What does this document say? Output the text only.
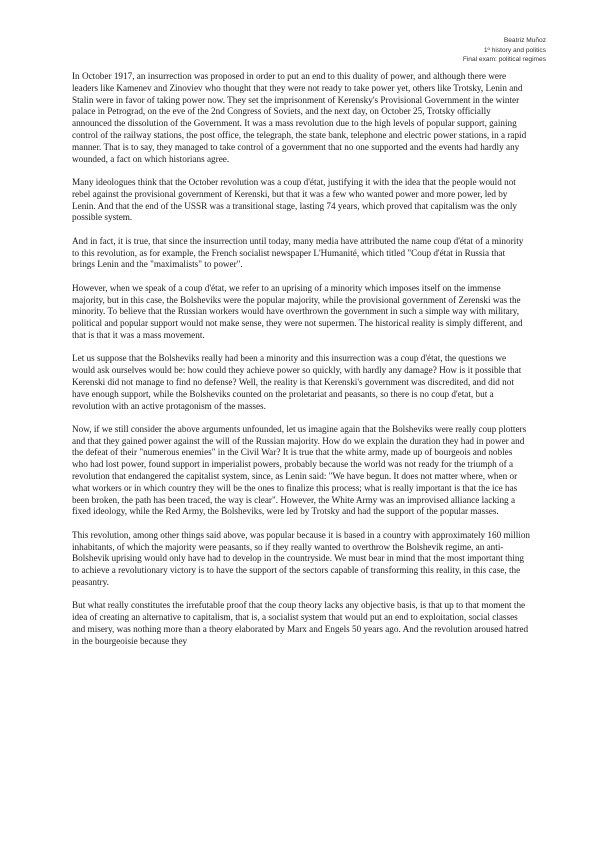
Beatriz Muñoz
1º history and politics
Final exam: political regimes

In October 1917, an insurrection was proposed in order to put an end to this duality of power, and although there were leaders like Kamenev and Zinoviev who thought that they were not ready to take power yet, others like Trotsky, Lenin and Stalin were in favor of taking power now. They set the imprisonment of Kerensky's Provisional Government in the winter palace in Petrograd, on the eve of the 2nd Congress of Soviets, and the next day, on October 25, Trotsky officially announced the dissolution of the Government. It was a mass revolution due to the high levels of popular support, gaining control of the railway stations, the post office, the telegraph, the state bank, telephone and electric power stations, in a rapid manner. That is to say, they managed to take control of a government that no one supported and the events had hardly any wounded, a fact on which historians agree.

Many ideologues think that the October revolution was a coup d'état, justifying it with the idea that the people would not rebel against the provisional government of Kerenski, but that it was a few who wanted power and more power, led by Lenin. And that the end of the USSR was a transitional stage, lasting 74 years, which proved that capitalism was the only possible system.

And in fact, it is true, that since the insurrection until today, many media have attributed the name coup d'état of a minority to this revolution, as for example, the French socialist newspaper L'Humanité, which titled "Coup d'état in Russia that brings Lenin and the "maximalists" to power".

However, when we speak of a coup d'état, we refer to an uprising of a minority which imposes itself on the immense majority, but in this case, the Bolsheviks were the popular majority, while the provisional government of Zerenski was the minority. To believe that the Russian workers would have overthrown the government in such a simple way with military, political and popular support would not make sense, they were not supermen. The historical reality is simply different, and that is that it was a mass movement.

Let us suppose that the Bolsheviks really had been a minority and this insurrection was a coup d'état, the questions we would ask ourselves would be: how could they achieve power so quickly, with hardly any damage? How is it possible that Kerenski did not manage to find no defense? Well, the reality is that Kerenski's government was discredited, and did not have enough support, while the Bolsheviks counted on the proletariat and peasants, so there is no coup d'etat, but a revolution with an active protagonism of the masses.

Now, if we still consider the above arguments unfounded, let us imagine again that the Bolsheviks were really coup plotters and that they gained power against the will of the Russian majority. How do we explain the duration they had in power and the defeat of their "numerous enemies" in the Civil War? It is true that the white army, made up of bourgeois and nobles who had lost power, found support in imperialist powers, probably because the world was not ready for the triumph of a revolution that endangered the capitalist system, since, as Lenin said: "We have begun. It does not matter where, when or what workers or in which country they will be the ones to finalize this process; what is really important is that the ice has been broken, the path has been traced, the way is clear". However, the White Army was an improvised alliance lacking a fixed ideology, while the Red Army, the Bolsheviks, were led by Trotsky and had the support of the popular masses.

This revolution, among other things said above, was popular because it is based in a country with approximately 160 million inhabitants, of which the majority were peasants, so if they really wanted to overthrow the Bolshevik regime, an anti-Bolshevik uprising would only have had to develop in the countryside. We must bear in mind that the most important thing to achieve a revolutionary victory is to have the support of the sectors capable of transforming this reality, in this case, the peasantry.

But what really constitutes the irrefutable proof that the coup theory lacks any objective basis, is that up to that moment the idea of creating an alternative to capitalism, that is, a socialist system that would put an end to exploitation, social classes and misery, was nothing more than a theory elaborated by Marx and Engels 50 years ago. And the revolution aroused hatred in the bourgeoisie because they
